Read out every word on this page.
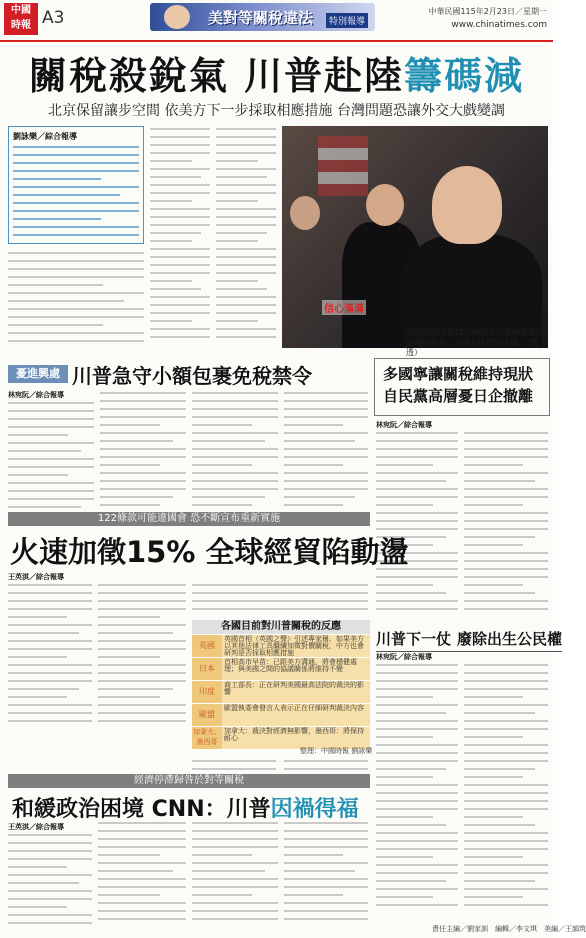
中國
時報 A3	美對等關稅違法	特別報導
中華民國115年2月23日／星期一
www.chinatimes.com
關稅殺銳氣 川普赴陸籌碼減
北京保留讓步空間 依美方下一步採取相應措施 台灣問題恐讓外交大戲變調
劉詠樂／綜合報導
信心滿滿
美國總統川普21日晚間在白宮晚宴款待全國的州長。大談上任後的成績。（路透）
憂進興處 川普急守小額包裹免稅禁令
林宛阮／綜合報導
多國寧讓關稅維持現狀
自民黨高層憂日企撤離
林宛阮／綜合報導
122條款可能違國會 恐不斷宣布重新實施
火速加徵15% 全球經貿陷動盪
王英淇／綜合報導
各國目前對川普關稅的反應
英國
英國首相（英國之聲）引述專家稱，如果美方以其他法律工具繼續加徵對價關稅，中方也會研判是否採取相應措施
日本
首相高市早苗：已跟美方溝通，將會穩健處理；與美國之間的協議關係將維持不變
印度
商工部長：正在研判美國最高法院的裁決的影響
歐盟
歐盟執委會發言人表示正在仔細研判裁決內容
加拿大、墨西哥
加拿大：裁決對經濟無影響，墨西哥：將保持耐心
整理：中國時報 劉詠樂
川普下一仗 廢除出生公民權
林宛阮／綜合報導
經濟停滯歸咎於對等關稅
和緩政治困境 CNN：川普因禍得福
王英淇／綜合報導
責任主編／劉家訓　編輯／李文琪　美編／王韻筑
